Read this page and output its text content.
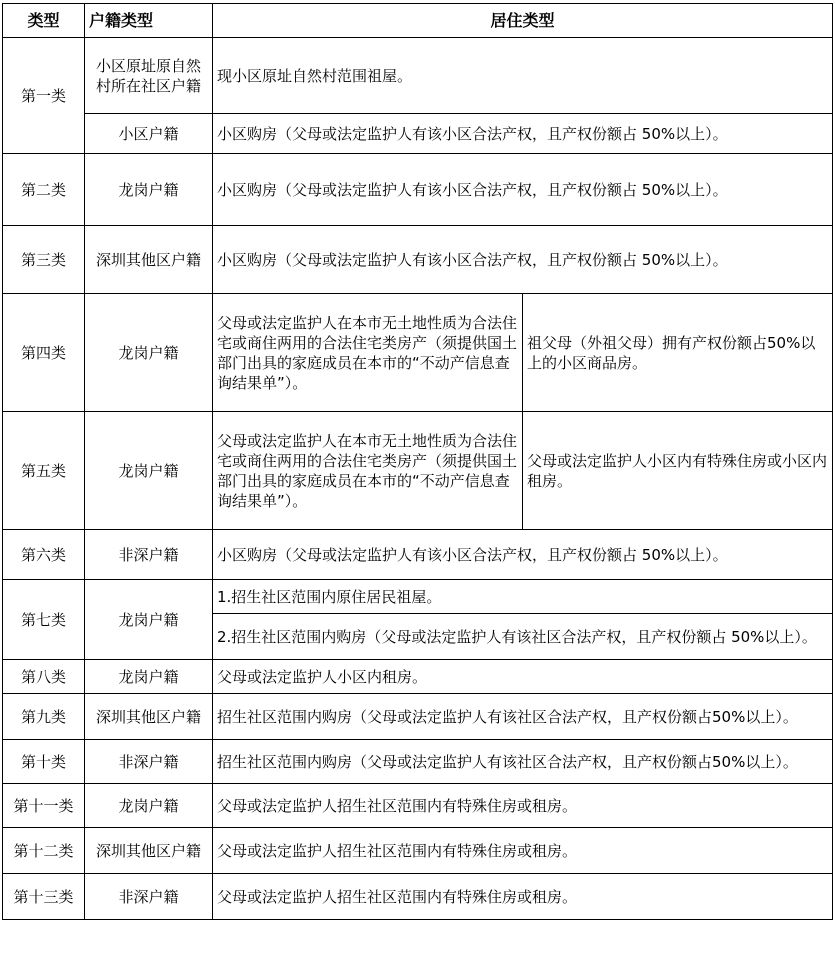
类型	户籍类型	居住类型	
第一类	小区原址原自然村所在社区户籍	现小区原址自然村范围祖屋。	
	小区户籍	小区购房（父母或法定监护人有该小区合法产权，且产权份额占 50%以上）。	
第二类	龙岗户籍	小区购房（父母或法定监护人有该小区合法产权，且产权份额占 50%以上）。	
第三类	深圳其他区户籍	小区购房（父母或法定监护人有该小区合法产权，且产权份额占 50%以上）。	
第四类	龙岗户籍	父母或法定监护人在本市无土地性质为合法住宅或商住两用的合法住宅类房产（须提供国土部门出具的家庭成员在本市的“不动产信息查询结果单”）。	祖父母（外祖父母）拥有产权份额占50%以上的小区商品房。
第五类	龙岗户籍	父母或法定监护人在本市无土地性质为合法住宅或商住两用的合法住宅类房产（须提供国土部门出具的家庭成员在本市的“不动产信息查询结果单”）。	父母或法定监护人小区内有特殊住房或小区内租房。
第六类	非深户籍	小区购房（父母或法定监护人有该小区合法产权，且产权份额占 50%以上）。	
第七类	龙岗户籍	1.招生社区范围内原住居民祖屋。	
		2.招生社区范围内购房（父母或法定监护人有该社区合法产权，且产权份额占 50%以上）。	
第八类	龙岗户籍	父母或法定监护人小区内租房。	
第九类	深圳其他区户籍	招生社区范围内购房（父母或法定监护人有该社区合法产权，且产权份额占50%以上）。	
第十类	非深户籍	招生社区范围内购房（父母或法定监护人有该社区合法产权，且产权份额占50%以上）。	
第十一类	龙岗户籍	父母或法定监护人招生社区范围内有特殊住房或租房。	
第十二类	深圳其他区户籍	父母或法定监护人招生社区范围内有特殊住房或租房。	
第十三类	非深户籍	父母或法定监护人招生社区范围内有特殊住房或租房。	
